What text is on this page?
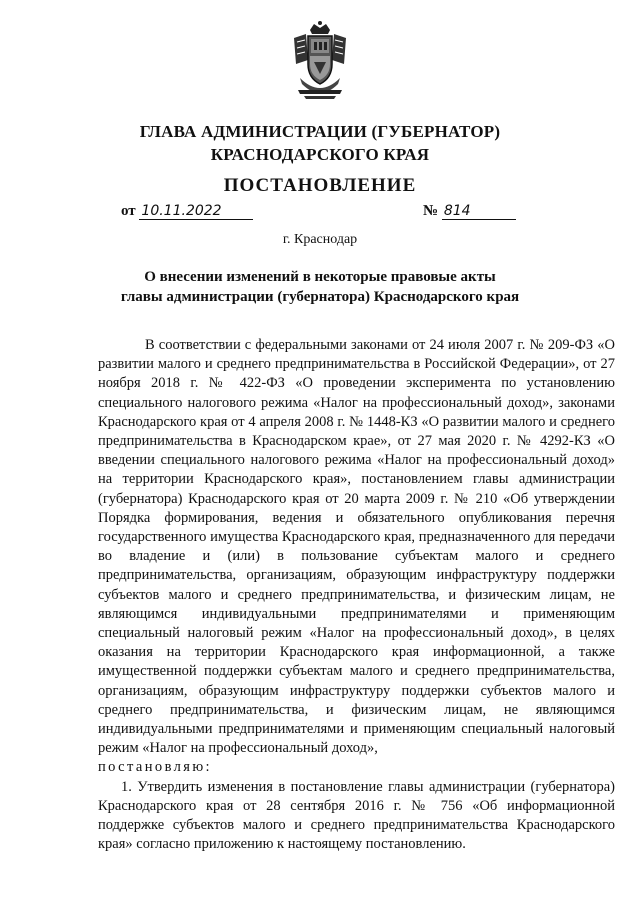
ГЛАВА АДМИНИСТРАЦИИ (ГУБЕРНАТОР)
КРАСНОДАРСКОГО КРАЯ
ПОСТАНОВЛЕНИЕ
от 10.11.2022	№ 814
г. Краснодар
О внесении изменений в некоторые правовые акты
главы администрации (губернатора) Краснодарского края

В соответствии с федеральными законами от 24 июля 2007 г. № 209-ФЗ «О развитии малого и среднего предпринимательства в Российской Федерации», от 27 ноября 2018 г. № 422-ФЗ «О проведении эксперимента по установлению специального налогового режима «Налог на профессиональный доход», законами Краснодарского края от 4 апреля 2008 г. № 1448-КЗ «О развитии малого и среднего предпринимательства в Краснодарском крае», от 27 мая 2020 г. № 4292-КЗ «О введении специального налогового режима «Налог на профессиональный доход» на территории Краснодарского края», постановлением главы администрации (губернатора) Краснодарского края от 20 марта 2009 г. № 210 «Об утверждении Порядка формирования, ведения и обязательного опубликования перечня государственного имущества Краснодарского края, предназначенного для передачи во владение и (или) в пользование субъектам малого и среднего предпринимательства, организациям, образующим инфраструктуру поддержки субъектов малого и среднего предпринимательства, и физическим лицам, не являющимся индивидуальными предпринимателями и применяющим специальный налоговый режим «Налог на профессиональный доход», в целях оказания на территории Краснодарского края информационной, а также имущественной поддержки субъектам малого и среднего предпринимательства, организациям, образующим инфраструктуру поддержки субъектов малого и среднего предпринимательства, и физическим лицам, не являющимся индивидуальными предпринимателями и применяющим специальный налоговый режим «Налог на профессиональный доход»,

постановляю:

1. Утвердить изменения в постановление главы администрации (губернатора) Краснодарского края от 28 сентября 2016 г. № 756 «Об информационной поддержке субъектов малого и среднего предпринимательства Краснодарского края» согласно приложению к настоящему постановлению.
